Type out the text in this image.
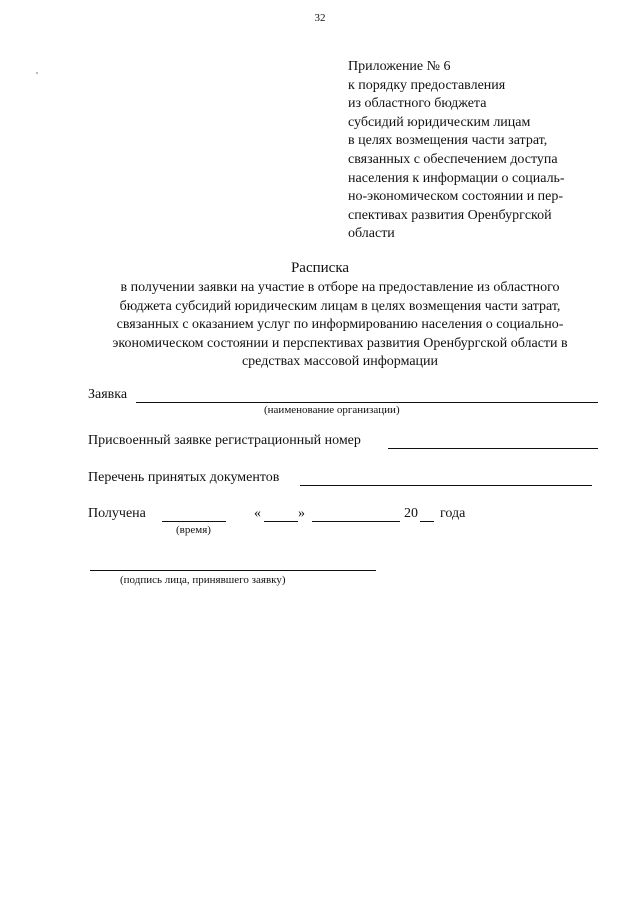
32
Приложение № 6
к порядку предоставления
из областного бюджета
субсидий юридическим лицам
в целях возмещения части затрат,
связанных с обеспечением доступа
населения к информации о социаль-
но-экономическом состоянии и пер-
спективах развития Оренбургской
области
Расписка
в получении заявки на участие в отборе на предоставление из областного
бюджета субсидий юридическим лицам в целях возмещения части затрат,
связанных с оказанием услуг по информированию населения о социально-
экономическом состоянии и перспективах развития Оренбургской области в
средствах массовой информации
Заявка
(наименование организации)
Присвоенный заявке регистрационный номер
Перечень принятых документов
Получена
(время)
«	»	20 года
(подпись лица, принявшего заявку)
